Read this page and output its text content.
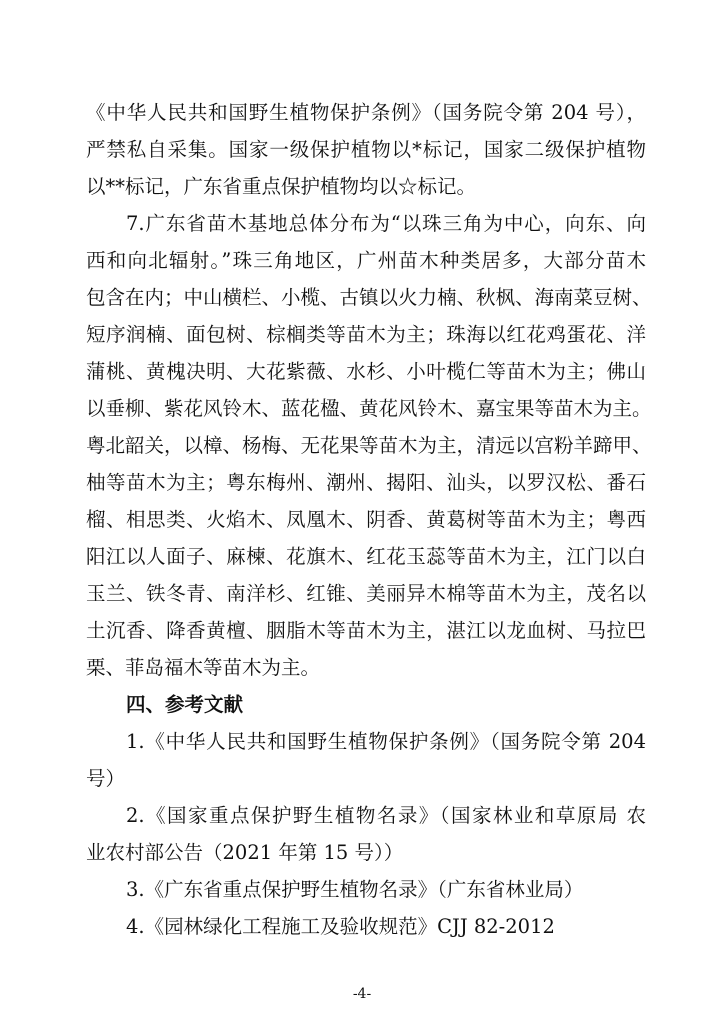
《中华人民共和国野生植物保护条例》（国务院令第 204 号），
严禁私自采集。国家一级保护植物以*标记，国家二级保护植物
以**标记，广东省重点保护植物均以☆标记。
7.广东省苗木基地总体分布为“以珠三角为中心，向东、向
西和向北辐射。”珠三角地区，广州苗木种类居多，大部分苗木
包含在内；中山横栏、小榄、古镇以火力楠、秋枫、海南菜豆树、
短序润楠、面包树、棕榈类等苗木为主；珠海以红花鸡蛋花、洋
蒲桃、黄槐决明、大花紫薇、水杉、小叶榄仁等苗木为主；佛山
以垂柳、紫花风铃木、蓝花楹、黄花风铃木、嘉宝果等苗木为主。
粤北韶关，以樟、杨梅、无花果等苗木为主，清远以宫粉羊蹄甲、
柚等苗木为主；粤东梅州、潮州、揭阳、汕头，以罗汉松、番石
榴、相思类、火焰木、凤凰木、阴香、黄葛树等苗木为主；粤西
阳江以人面子、麻楝、花旗木、红花玉蕊等苗木为主，江门以白
玉兰、铁冬青、南洋杉、红锥、美丽异木棉等苗木为主，茂名以
土沉香、降香黄檀、胭脂木等苗木为主，湛江以龙血树、马拉巴
栗、菲岛福木等苗木为主。
四、参考文献
1.《中华人民共和国野生植物保护条例》（国务院令第 204
号）
2.《国家重点保护野生植物名录》（国家林业和草原局 农
业农村部公告（2021 年第 15 号））
3.《广东省重点保护野生植物名录》（广东省林业局）
4.《园林绿化工程施工及验收规范》CJJ 82-2012
-4-
